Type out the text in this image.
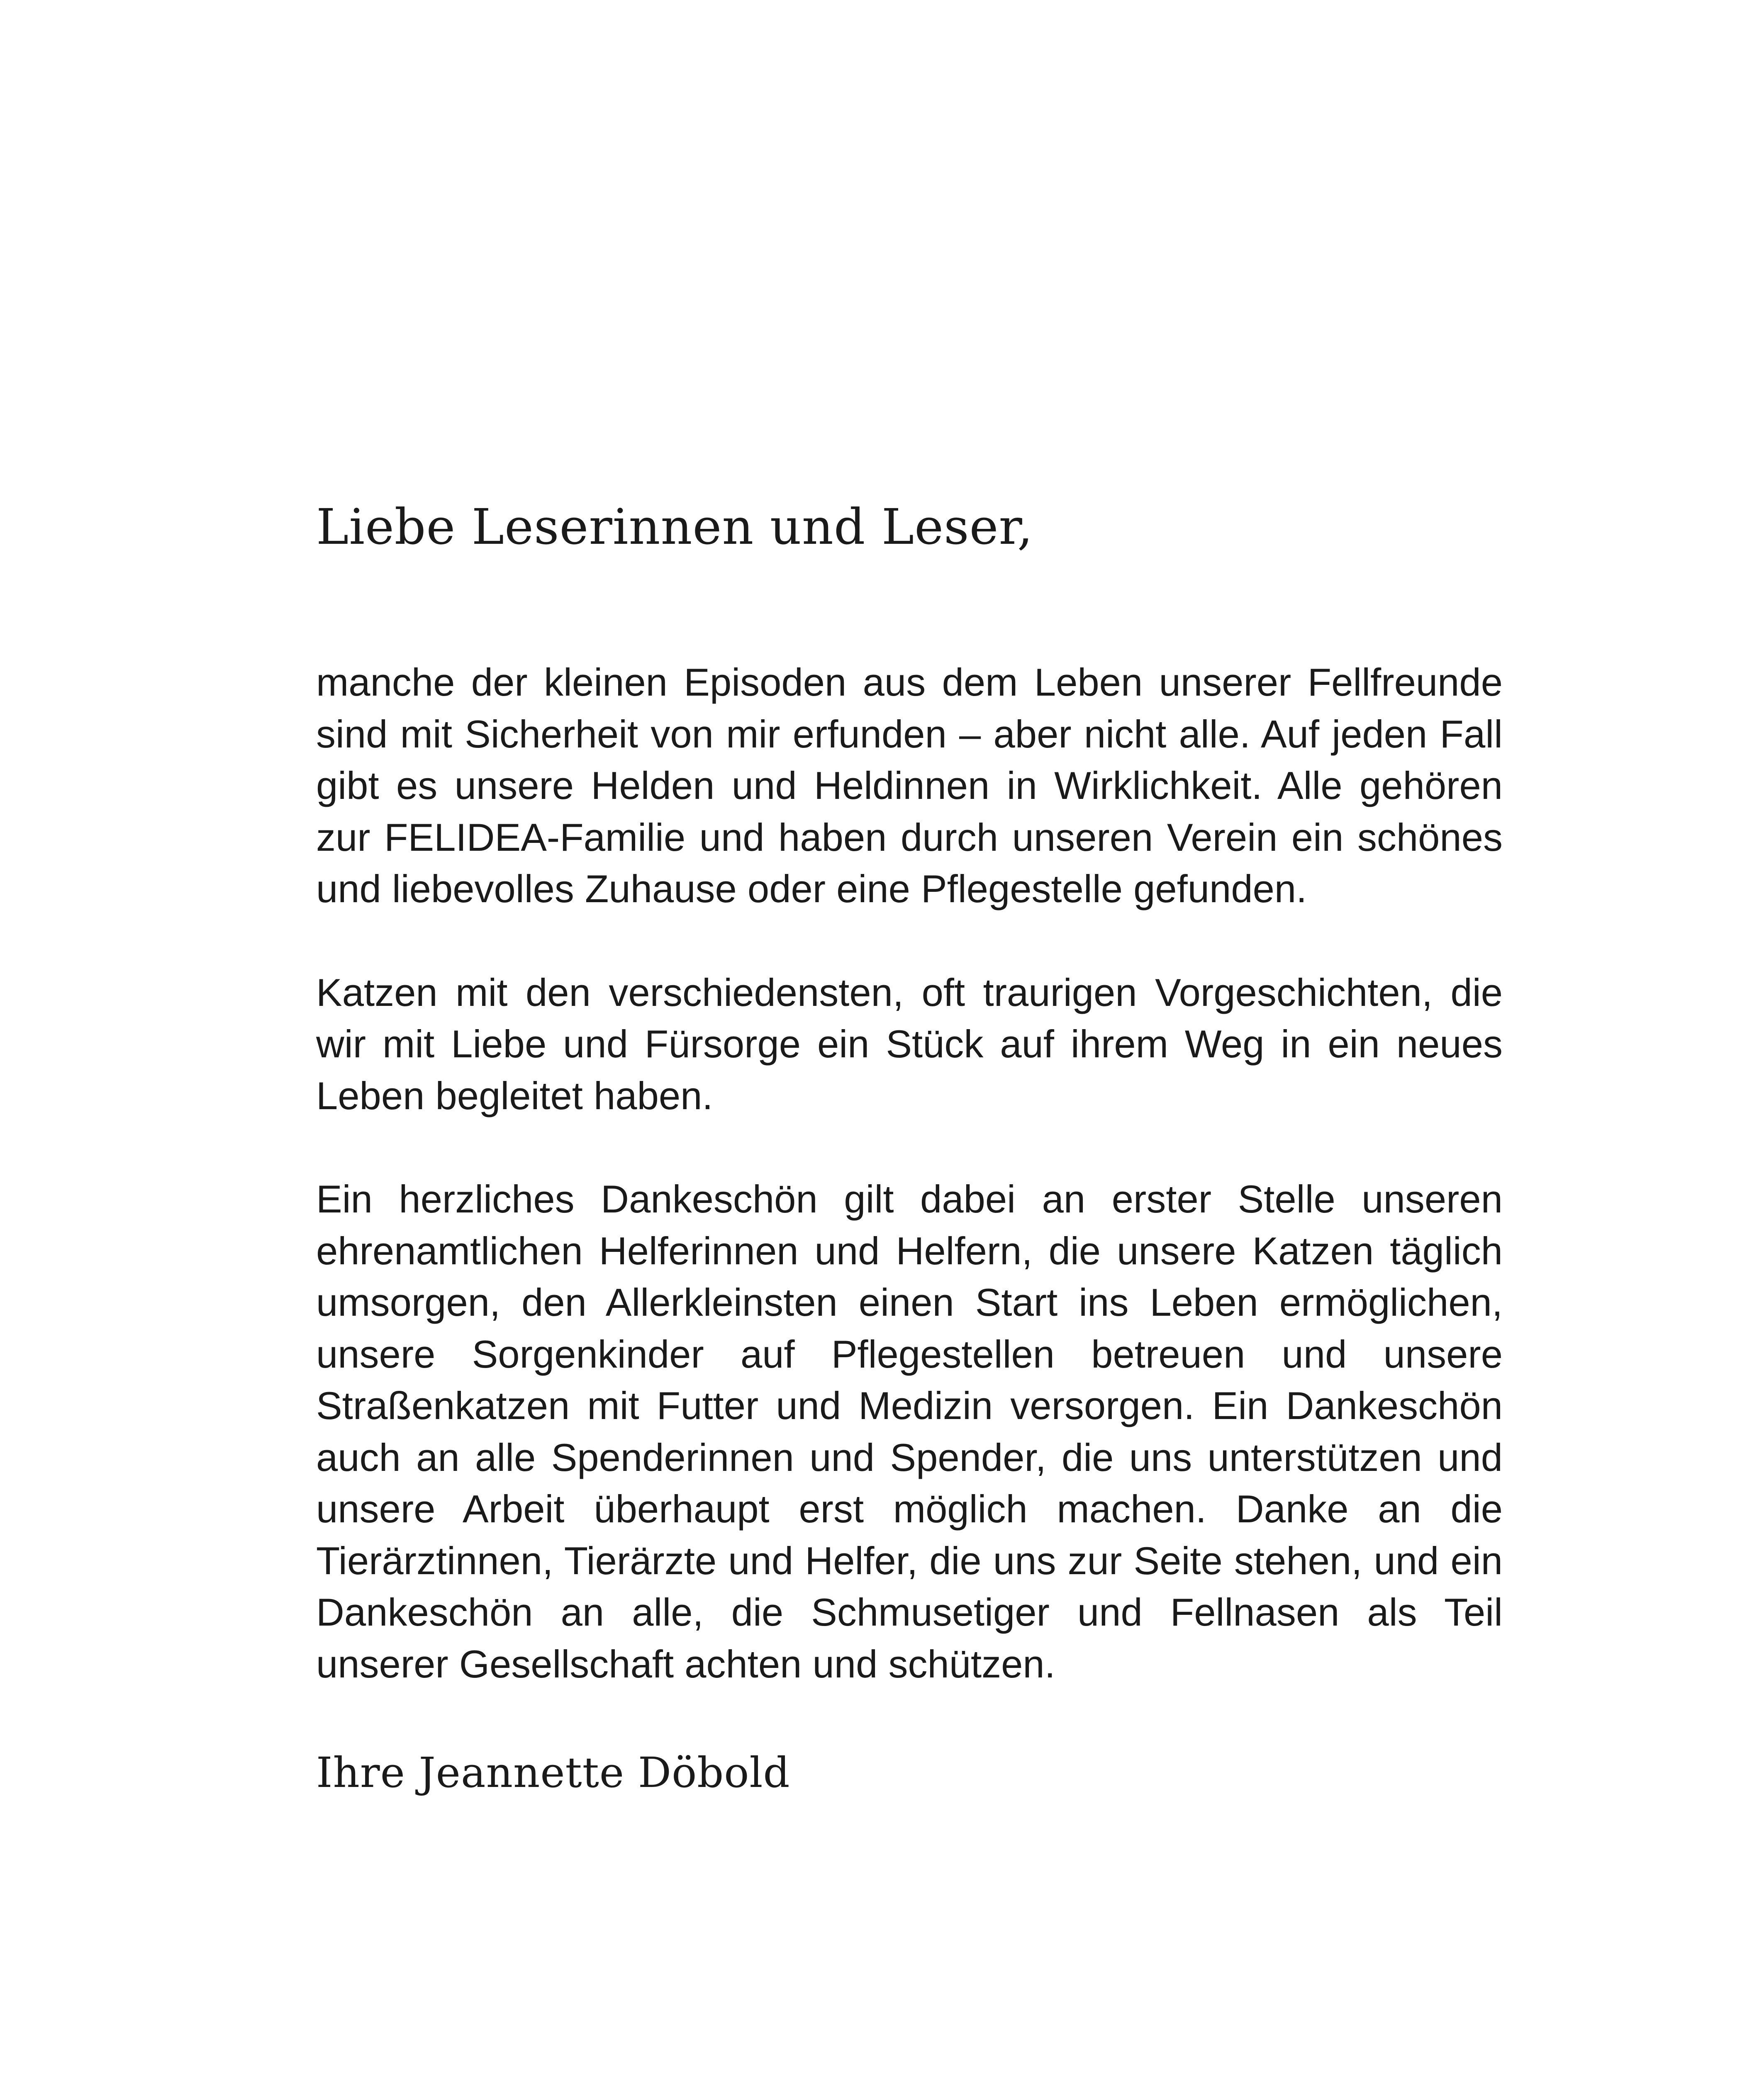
Liebe Leserinnen und Leser,

manche der kleinen Episoden aus dem Leben unserer Fellfreunde sind mit Sicherheit von mir erfunden – aber nicht alle. Auf jeden Fall gibt es unsere Helden und Heldinnen in Wirklichkeit. Alle gehören zur FELIDEA-Familie und haben durch unseren Verein ein schönes und liebevolles Zuhause oder eine Pflegestelle gefunden.

Katzen mit den verschiedensten, oft traurigen Vorgeschichten, die wir mit Liebe und Fürsorge ein Stück auf ihrem Weg in ein neues Leben begleitet haben.

Ein herzliches Dankeschön gilt dabei an erster Stelle unseren ehrenamtlichen Helferinnen und Helfern, die unsere Katzen täglich umsorgen, den Allerkleinsten einen Start ins Leben ermöglichen, unsere Sorgenkinder auf Pflegestellen betreuen und unsere Straßenkatzen mit Futter und Medizin versorgen. Ein Dankeschön auch an alle Spenderinnen und Spender, die uns unterstützen und unsere Arbeit überhaupt erst möglich machen. Danke an die Tierärztinnen, Tierärzte und Helfer, die uns zur Seite stehen, und ein Dankeschön an alle, die Schmusetiger und Fellnasen als Teil unserer Gesellschaft achten und schützen.

Ihre Jeannette Döbold
